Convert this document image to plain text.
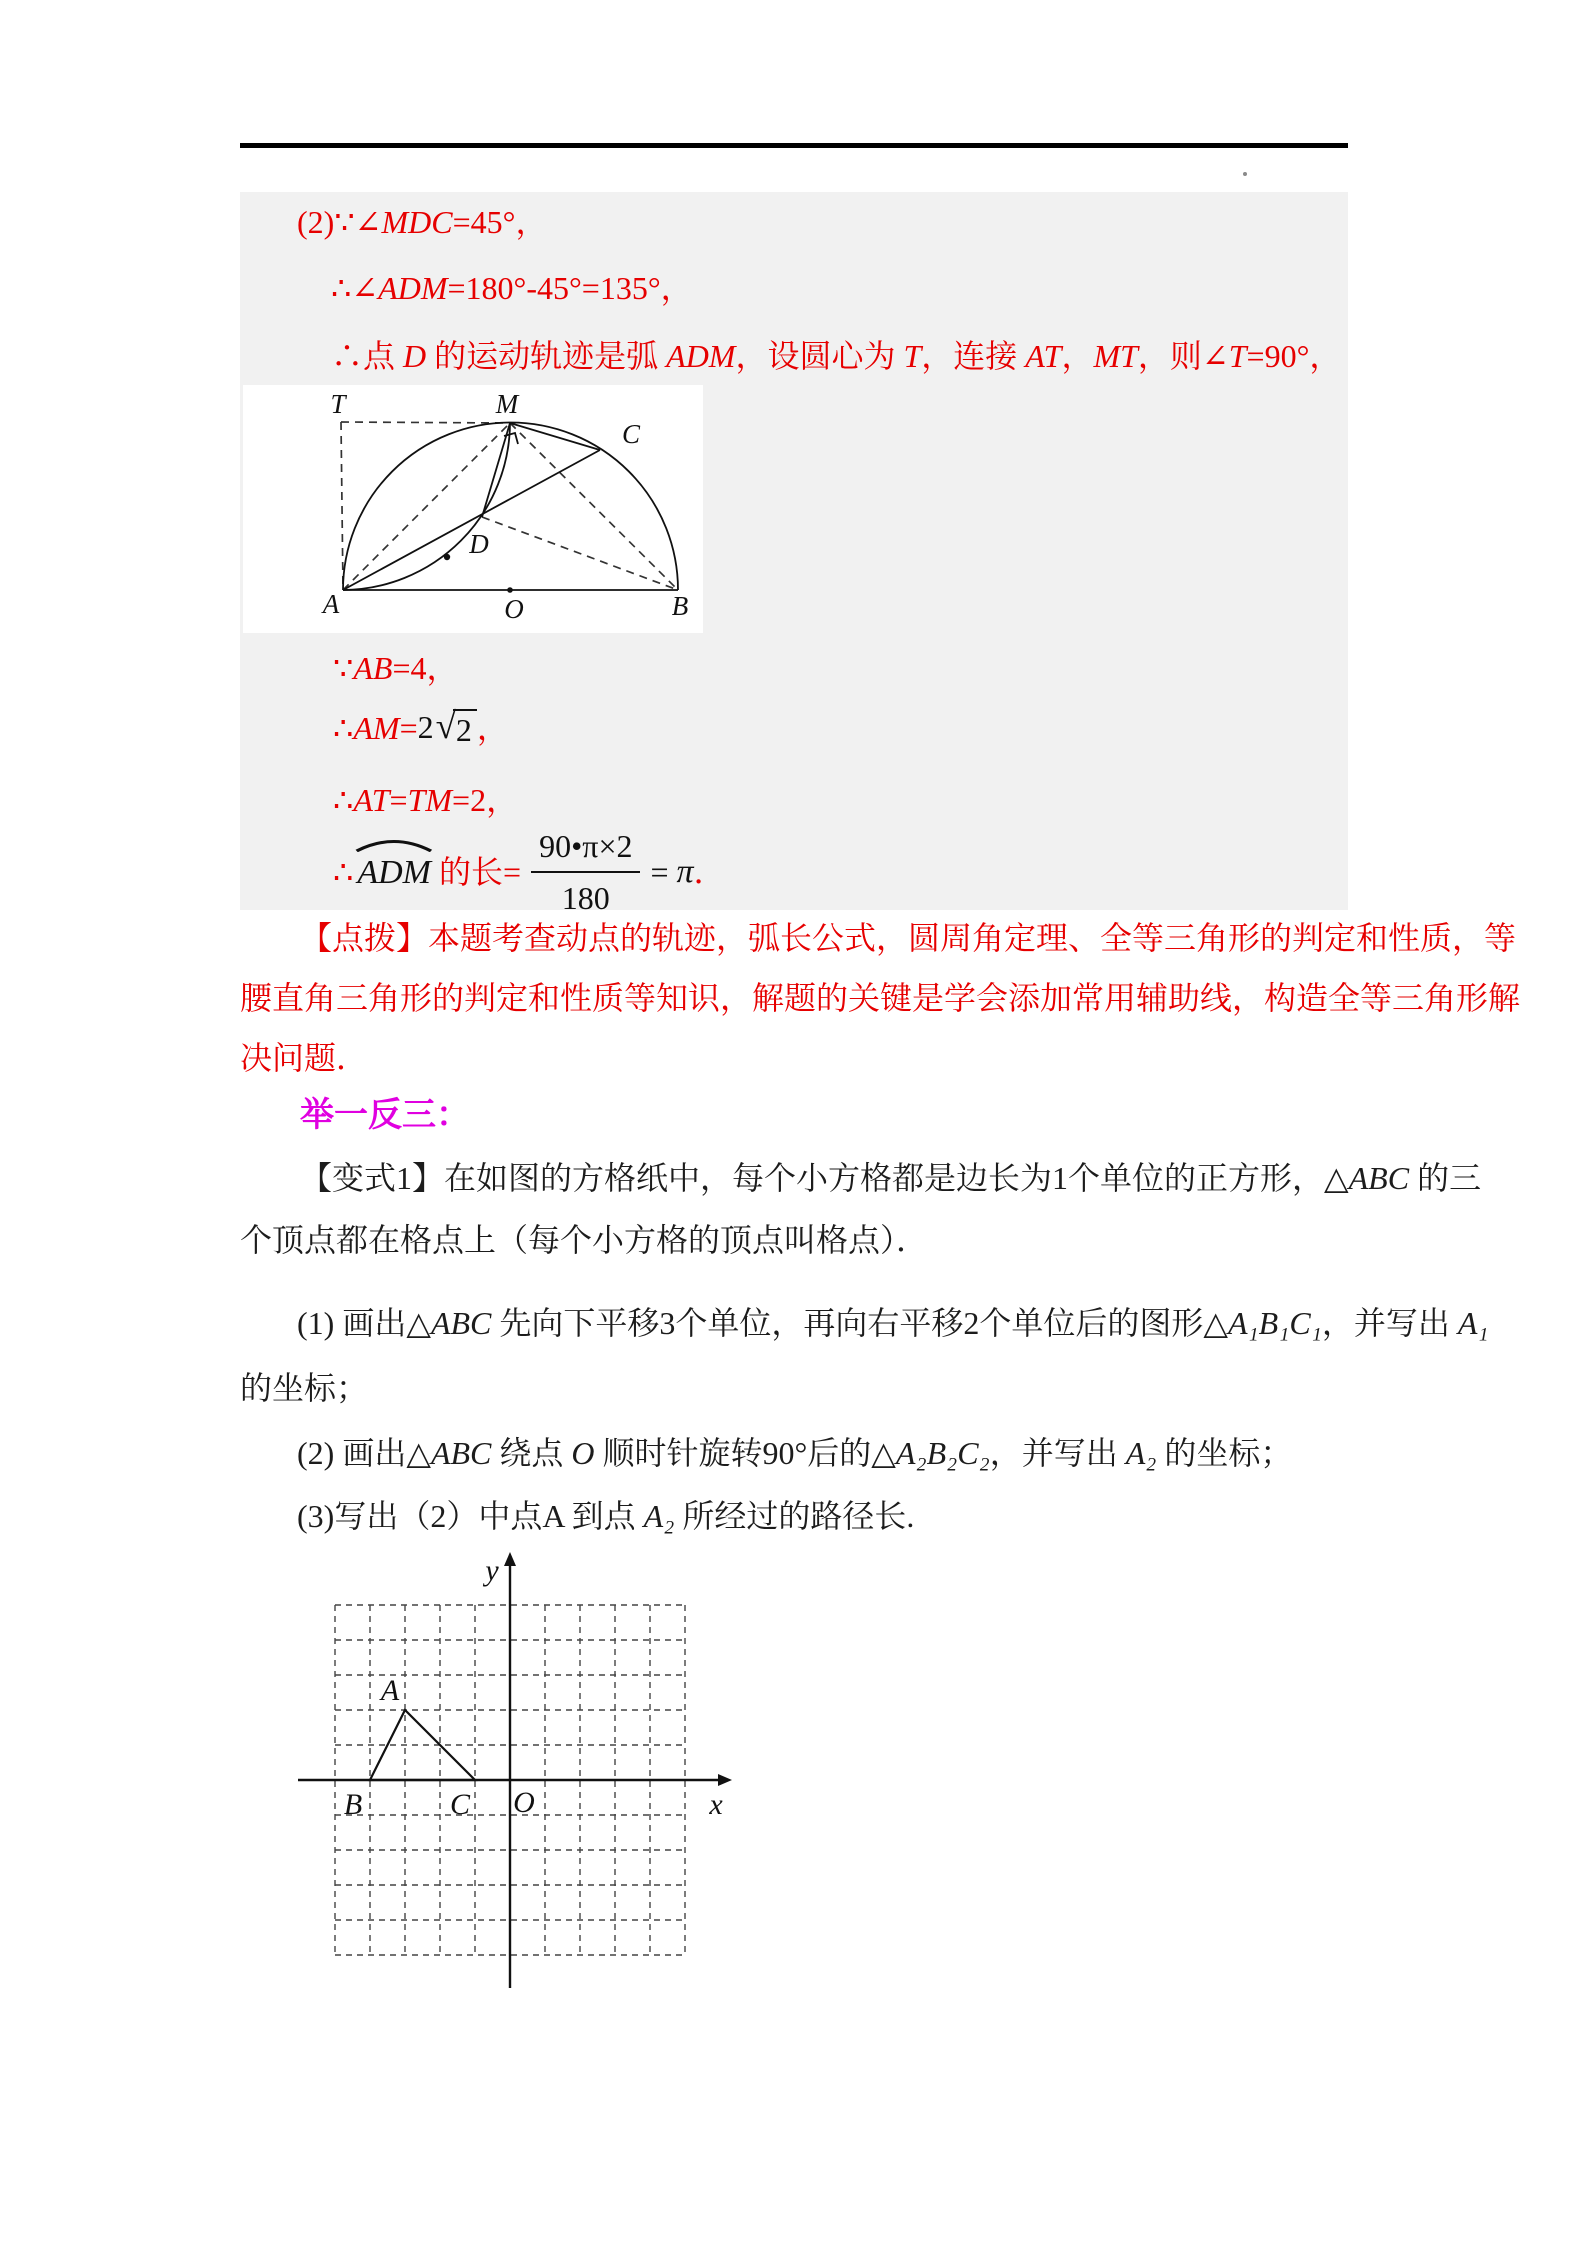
(2)∵∠MDC=45°，
∴∠ADM=180°-45°=135°，
∴点 D 的运动轨迹是弧 ADM，设圆心为 T，连接 AT，MT，则∠T=90°，
T	M
C
D
A	O	B
∵AB=4，
∴ AM = 2 √ 2 ，
∴AT=TM=2，
∴ ADM 的长= $\frac{90•\pi\times 2}{180} = \pi$ ．
【点拨】本题考查动点的轨迹，弧长公式，圆周角定理、全等三角形的判定和性质，等
腰直角三角形的判定和性质等知识，解题的关键是学会添加常用辅助线，构造全等三角形解
决问题．
举一反三：
【变式1】在如图的方格纸中，每个小方格都是边长为1个单位的正方形，△ABC 的三
个顶点都在格点上（每个小方格的顶点叫格点）．
(1) 画出△ABC 先向下平移3个单位，再向右平移2个单位后的图形△A₁B₁C₁，并写出 A₁
的坐标；
(2) 画出△ABC 绕点 O 顺时针旋转90°后的△A₂B₂C₂，并写出 A₂ 的坐标；
(3)写出（2）中点A 到点 A₂ 所经过的路径长.
y
x
O
A
B	C
